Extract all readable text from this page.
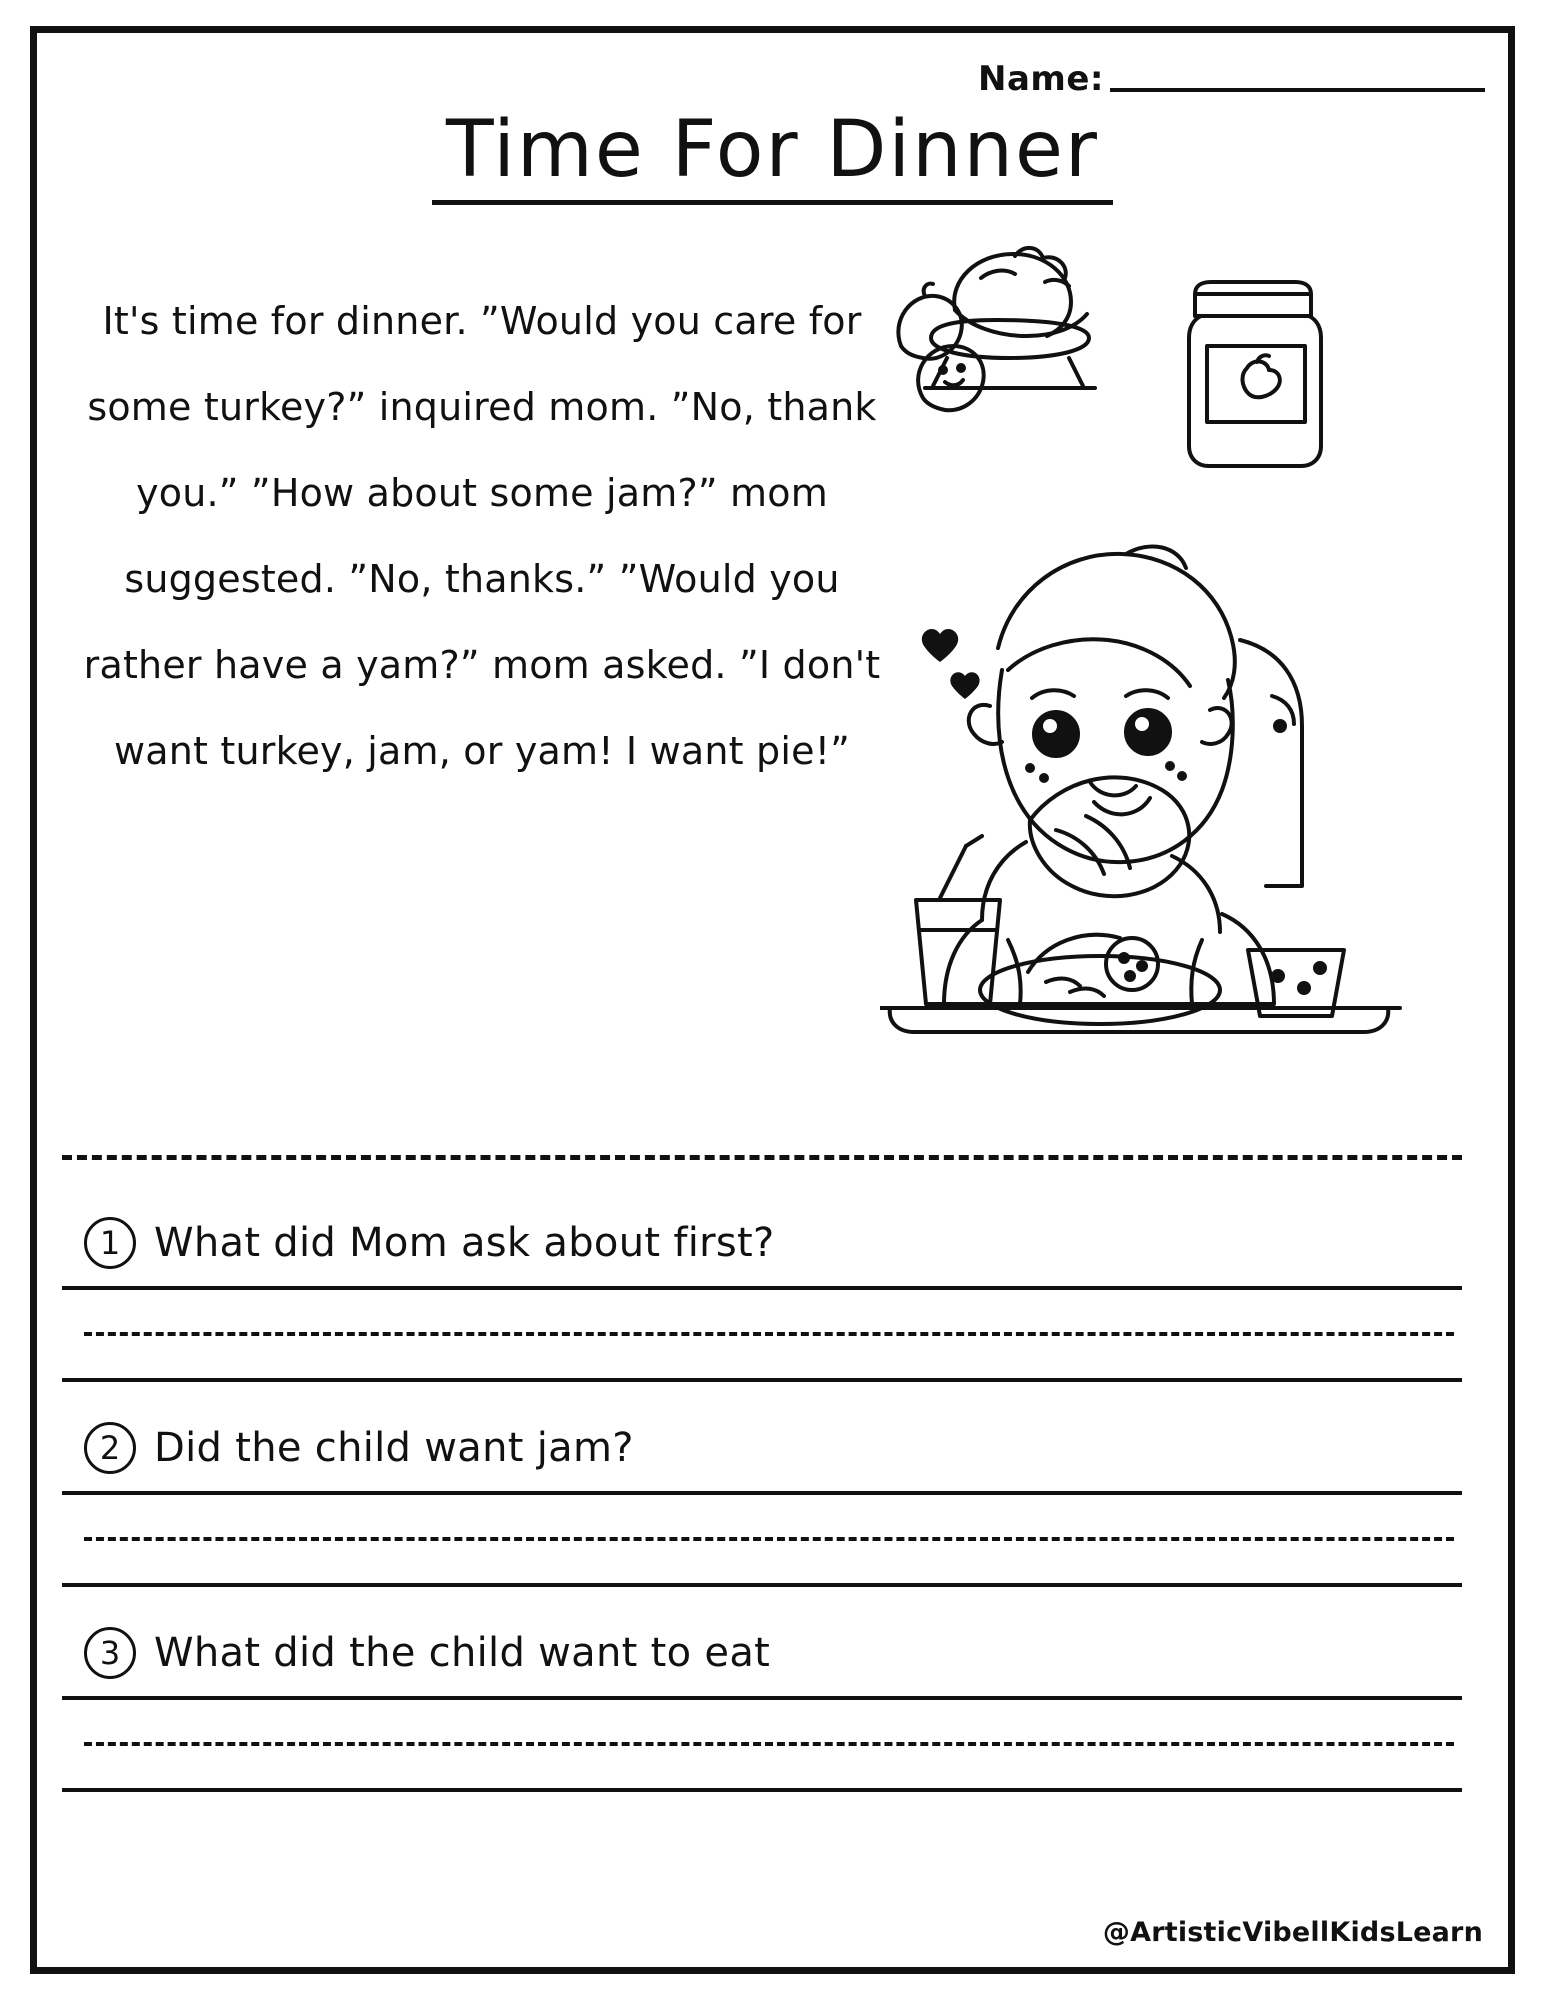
Name:
Time For Dinner
It's time for dinner. ”Would you care for some turkey?” inquired mom. ”No, thank you.” ”How about some jam?” mom suggested. ”No, thanks.” ”Would you rather have a yam?” mom asked. ”I don't want turkey, jam, or yam! I want pie!”
1 What did Mom ask about first?
2 Did the child want jam?
3 What did the child want to eat
@ArtisticVibellKidsLearn
